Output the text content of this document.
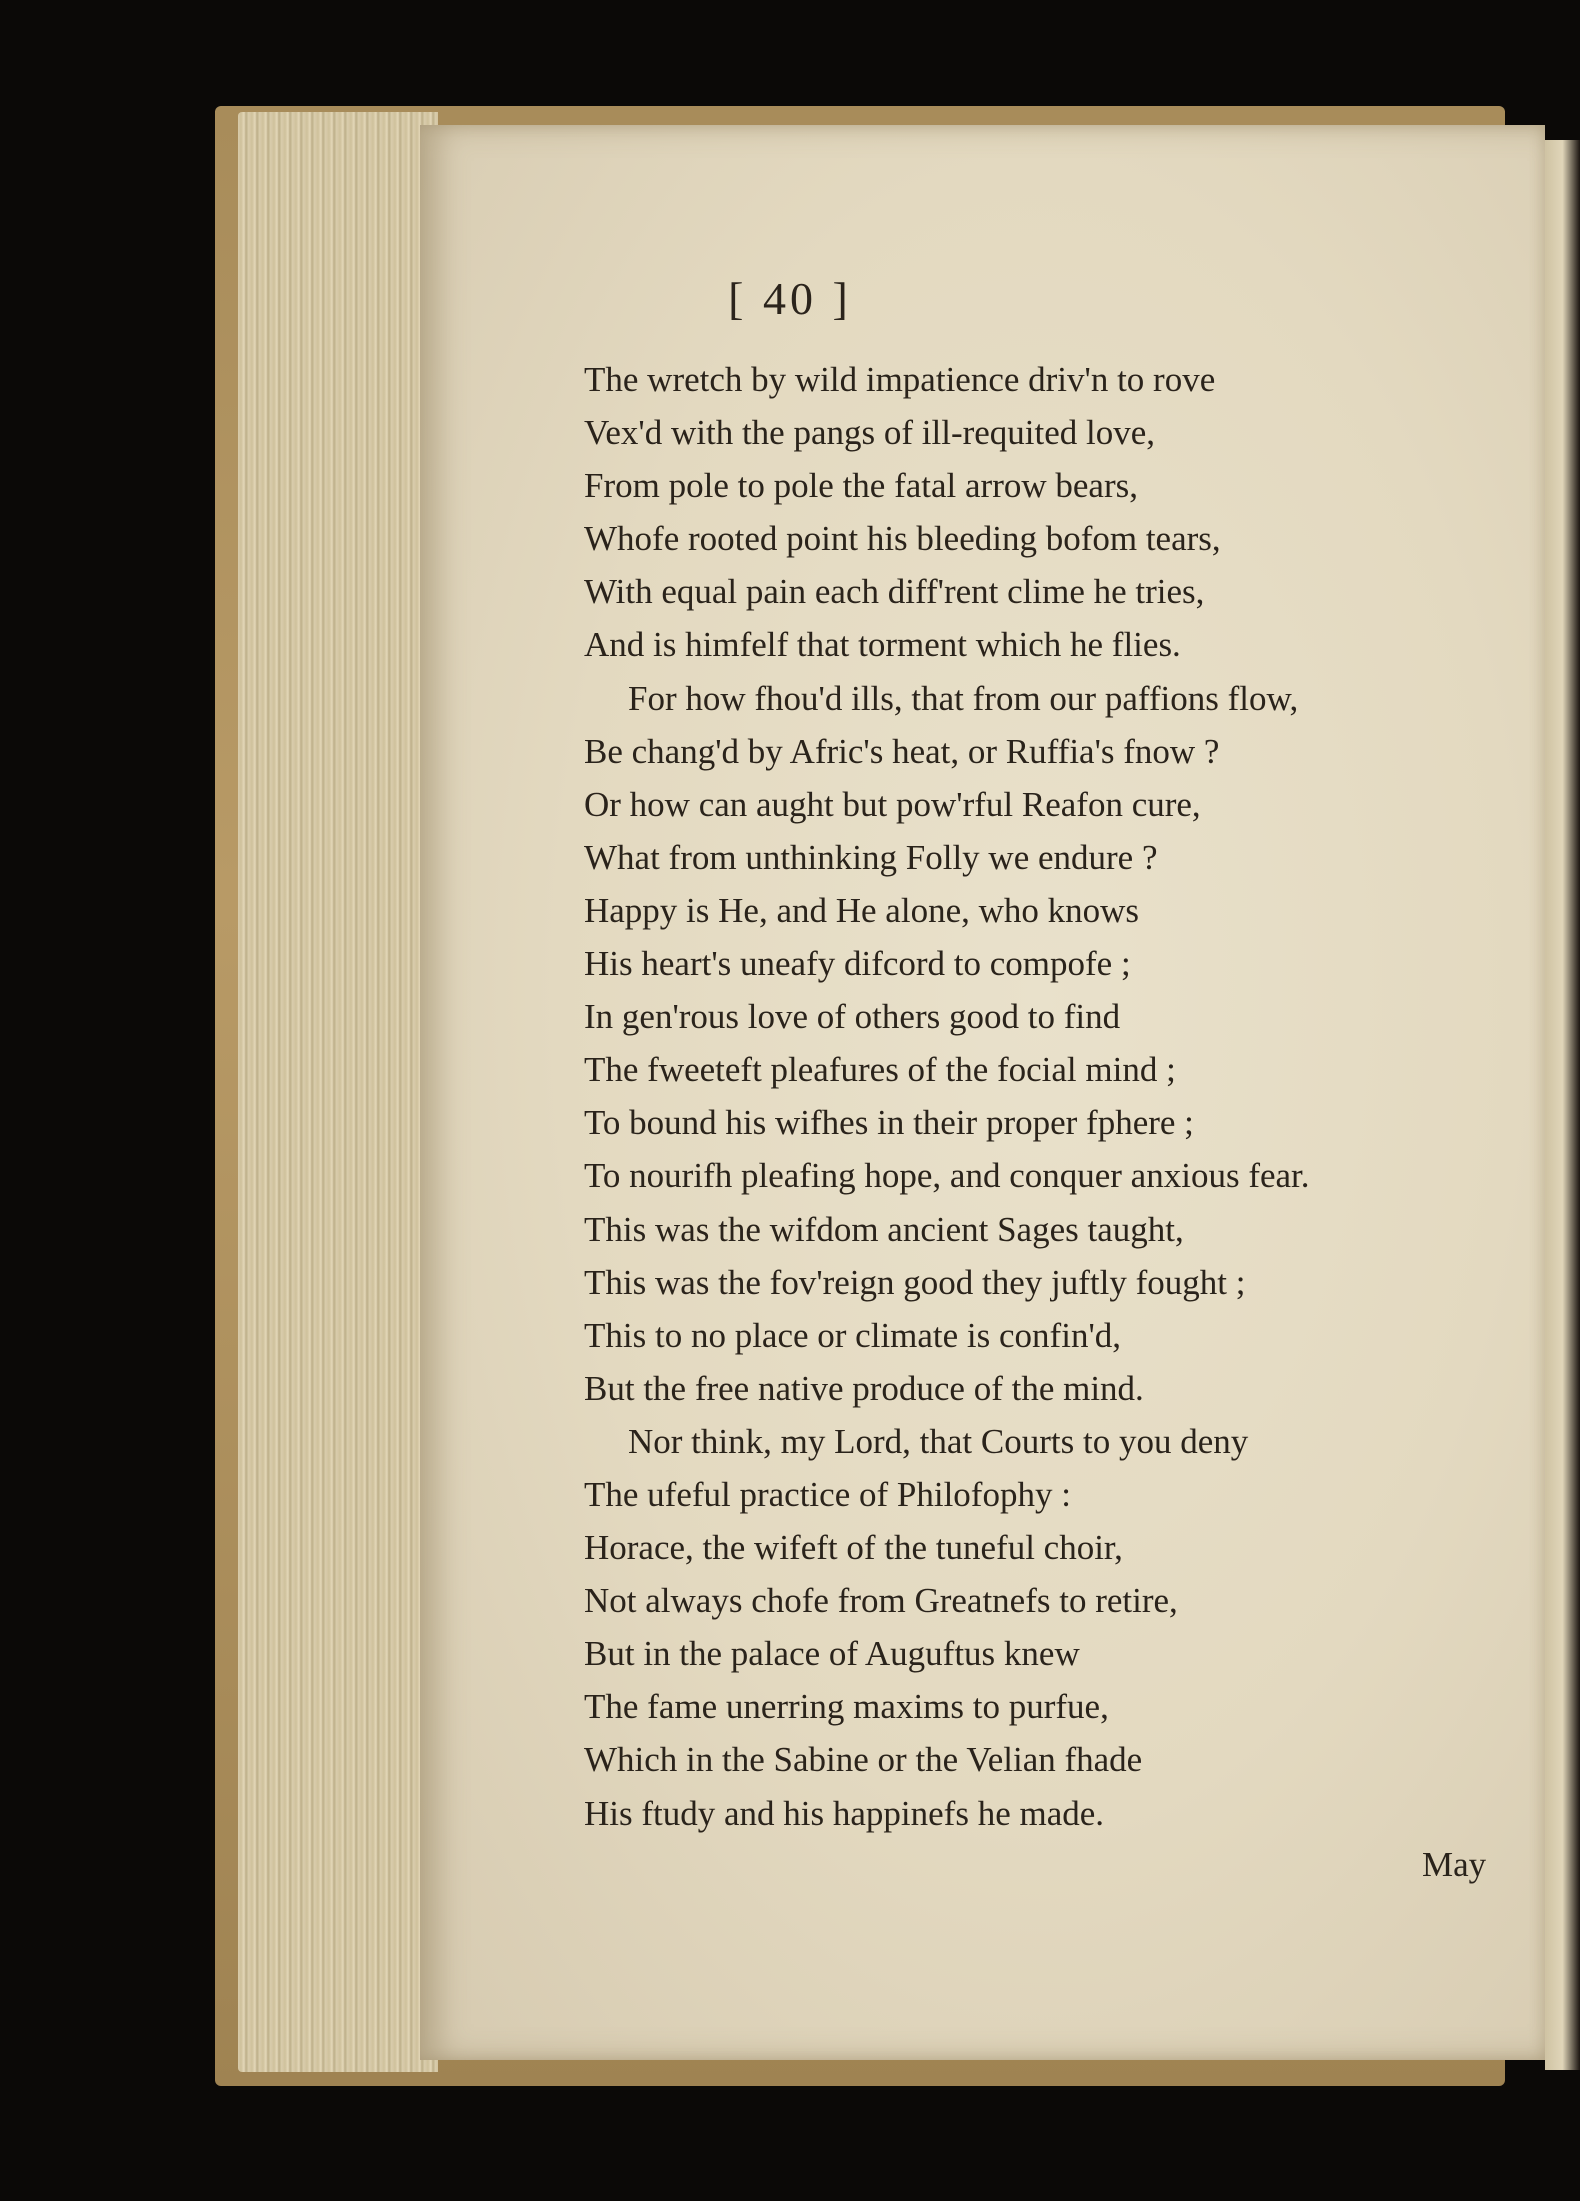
[ 40 ]
The wretch by wild impatience driv'n to rove
Vex'd with the pangs of ill-requited love,
From pole to pole the fatal arrow bears,
Whofe rooted point his bleeding bofom tears,
With equal pain each diff'rent clime he tries,
And is himfelf that torment which he flies.
For how fhou'd ills, that from our paffions flow,
Be chang'd by Afric's heat, or Ruffia's fnow ?
Or how can aught but pow'rful Reafon cure,
What from unthinking Folly we endure ?
Happy is He, and He alone, who knows
His heart's uneafy difcord to compofe ;
In gen'rous love of others good to find
The fweeteft pleafures of the focial mind ;
To bound his wifhes in their proper fphere ;
To nourifh pleafing hope, and conquer anxious fear.
This was the wifdom ancient Sages taught,
This was the fov'reign good they juftly fought ;
This to no place or climate is confin'd,
But the free native produce of the mind.
Nor think, my Lord, that Courts to you deny
The ufeful practice of Philofophy :
Horace, the wifeft of the tuneful choir,
Not always chofe from Greatnefs to retire,
But in the palace of Auguftus knew
The fame unerring maxims to purfue,
Which in the Sabine or the Velian fhade
His ftudy and his happinefs he made.
May
